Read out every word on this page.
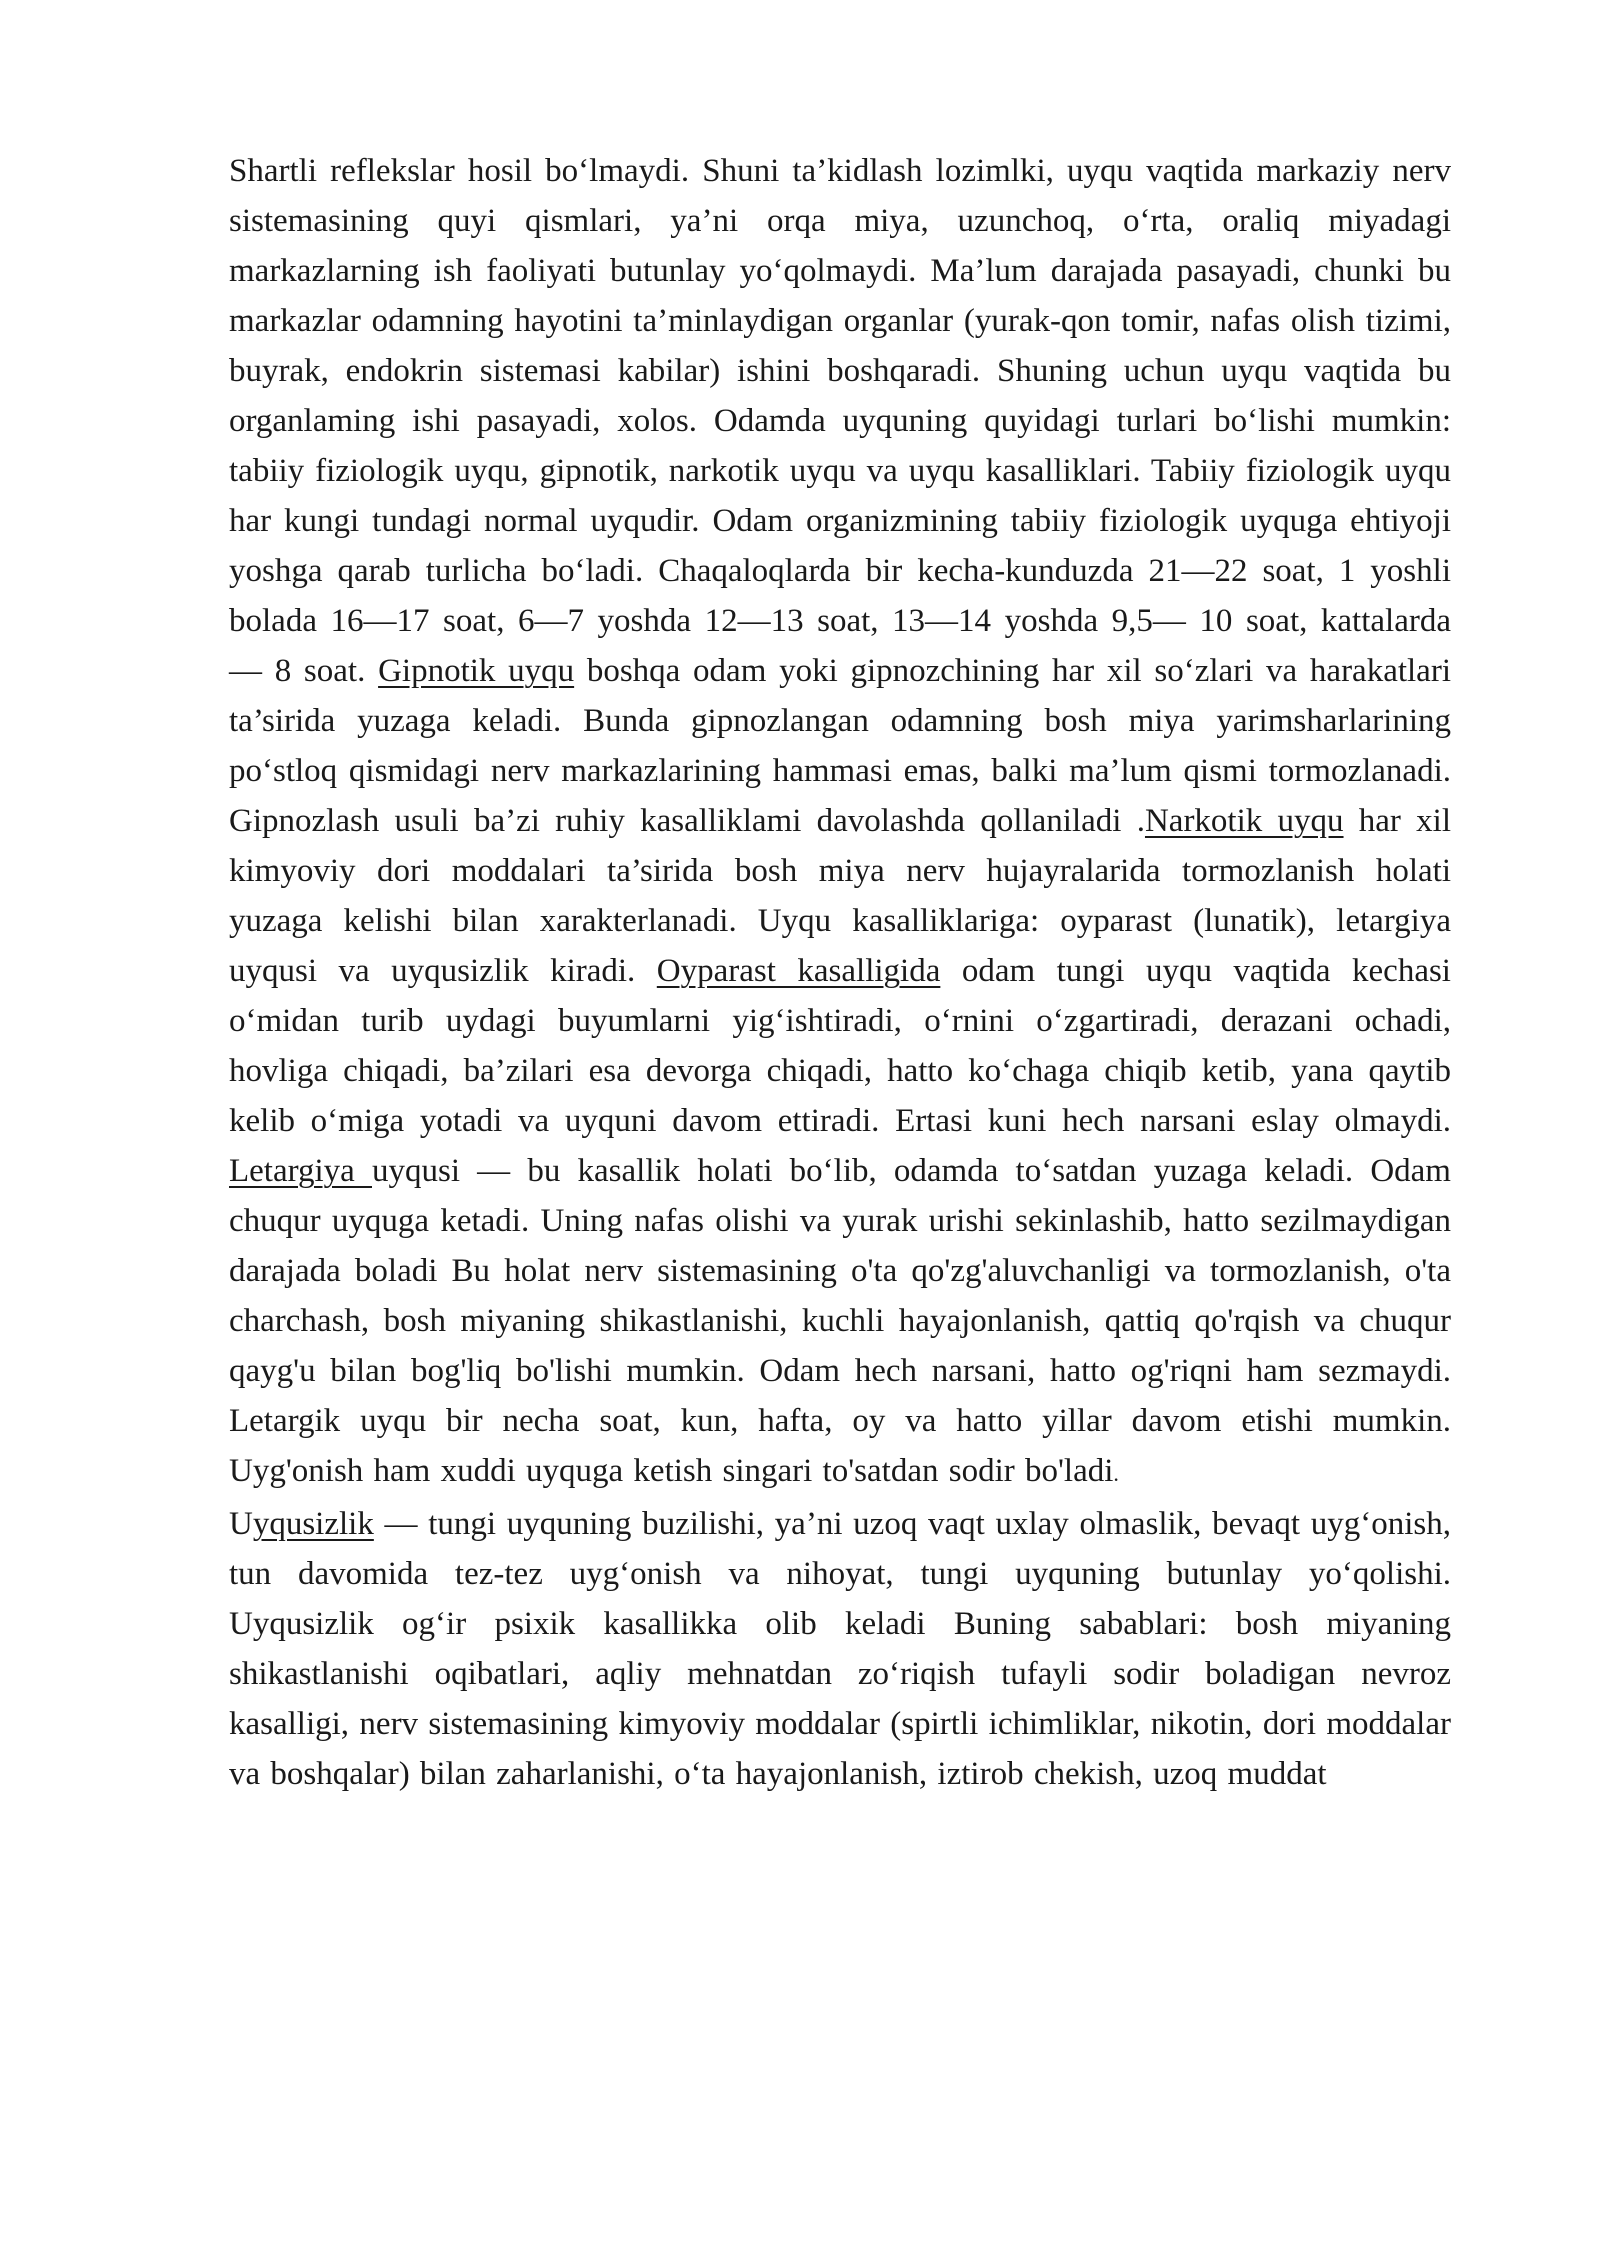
Shartli reflekslar hosil bo‘lmaydi. Shuni ta’kidlash lozimlki, uyqu vaqtida markaziy nerv sistemasining quyi qismlari, ya’ni orqa miya, uzunchoq, o‘rta, oraliq miyadagi markazlarning ish faoliyati butunlay yo‘qolmaydi. Ma’lum darajada pasayadi, chunki bu markazlar odamning hayotini ta’minlaydigan organlar (yurak-qon tomir, nafas olish tizimi, buyrak, endokrin sistemasi kabilar) ishini boshqaradi. Shuning uchun uyqu vaqtida bu organlaming ishi pasayadi, xolos. Odamda uyquning quyidagi turlari bo‘lishi mumkin: tabiiy fiziologik uyqu, gipnotik, narkotik uyqu va uyqu kasalliklari. Tabiiy fiziologik uyqu har kungi tundagi normal uyqudir. Odam organizmining tabiiy fiziologik uyquga ehtiyoji yoshga qarab turlicha bo‘ladi. Chaqaloqlarda bir kecha-kunduzda 21—22 soat, 1 yoshli bolada 16—17 soat, 6—7 yoshda 12—13 soat, 13—14 yoshda 9,5— 10 soat, kattalarda — 8 soat. Gipnotik uyqu boshqa odam yoki gipnozchining har xil so‘zlari va harakatlari ta’sirida yuzaga keladi. Bunda gipnozlangan odamning bosh miya yarimsharlarining po‘stloq qismidagi nerv markazlarining hammasi emas, balki ma’lum qismi tormozlanadi. Gipnozlash usuli ba’zi ruhiy kasalliklami davolashda qollaniladi .Narkotik uyqu har xil kimyoviy dori moddalari ta’sirida bosh miya nerv hujayralarida tormozlanish holati yuzaga kelishi bilan xarakterlanadi. Uyqu kasalliklariga: oyparast (lunatik), letargiya uyqusi va uyqusizlik kiradi. Oyparast kasalligida odam tungi uyqu vaqtida kechasi o‘midan turib uydagi buyumlarni yig‘ishtiradi, o‘rnini o‘zgartiradi, derazani ochadi, hovliga chiqadi, ba’zilari esa devorga chiqadi, hatto ko‘chaga chiqib ketib, yana qaytib kelib o‘miga yotadi va uyquni davom ettiradi. Ertasi kuni hech narsani eslay olmaydi. Letargiya uyqusi — bu kasallik holati bo‘lib, odamda to‘satdan yuzaga keladi. Odam chuqur uyquga ketadi. Uning nafas olishi va yurak urishi sekinlashib, hatto sezilmaydigan darajada boladi Bu holat nerv sistemasining o'ta qo'zg'aluvchanligi va tormozlanish, o'ta charchash, bosh miyaning shikastlanishi, kuchli hayajonlanish, qattiq qo'rqish va chuqur qayg'u bilan bog'liq bo'lishi mumkin. Odam hech narsani, hatto og'riqni ham sezmaydi. Letargik uyqu bir necha soat, kun, hafta, oy va hatto yillar davom etishi mumkin. Uyg'onish ham xuddi uyquga ketish singari to'satdan sodir bo'ladi.

Uyqusizlik — tungi uyquning buzilishi, ya’ni uzoq vaqt uxlay olmaslik, bevaqt uyg‘onish, tun davomida tez-tez uyg‘onish va nihoyat, tungi uyquning butunlay yo‘qolishi. Uyqusizlik og‘ir psixik kasallikka olib keladi Buning sabablari: bosh miyaning shikastlanishi oqibatlari, aqliy mehnatdan zo‘riqish tufayli sodir boladigan nevroz kasalligi, nerv sistemasining kimyoviy moddalar (spirtli ichimliklar, nikotin, dori moddalar va boshqalar) bilan zaharlanishi, o‘ta hayajonlanish, iztirob chekish, uzoq muddat
